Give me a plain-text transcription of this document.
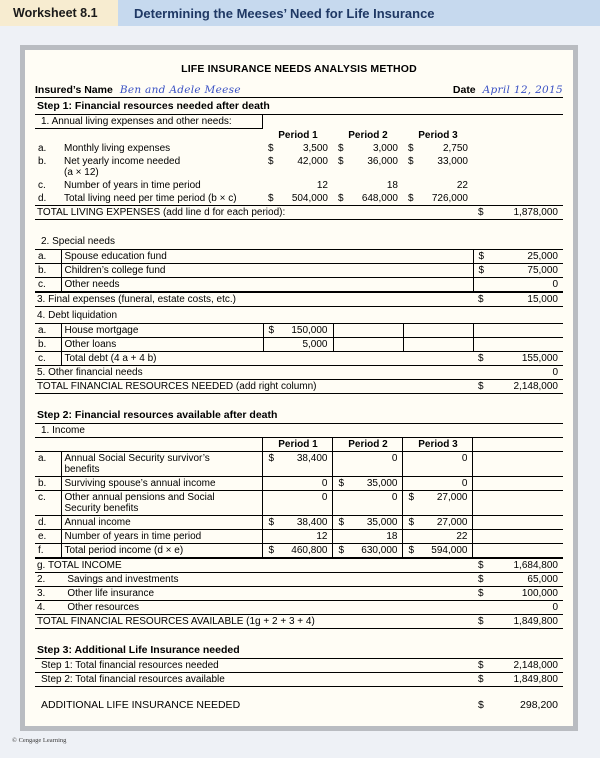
Worksheet 8.1	Determining the Meeses’ Need for Life Insurance
LIFE INSURANCE NEEDS ANALYSIS METHOD
Insured’s Name Ben and Adele Meese	Date April 12, 2015
Step 1: Financial resources needed after death
1. Annual living expenses and other needs:					
		Period 1	Period 2	Period 3	
a.	Monthly living expenses	$ 3,500	$ 3,000	$ 2,750	
b.	Net yearly income needed
(a × 12)	$ 42,000	$ 36,000	$ 33,000	
c.	Number of years in time period	12	18	22	
d.	Total living need per time period (b × c)	$ 504,000	$ 648,000	$ 726,000	
TOTAL LIVING EXPENSES (add line d for each period):	$	1,878,000
2. Special needs
a.	Spouse education fund	$ 25,000
b.	Children’s college fund	$ 75,000
c.	Other needs	0
3. Final expenses (funeral, estate costs, etc.)	$	15,000
4. Debt liquidation
a.	House mortgage	$ 150,000			
b.	Other loans	5,000			
c.	Total debt (4 a + 4 b)				$ 155,000
5. Other financial needs	0
TOTAL FINANCIAL RESOURCES NEEDED (add right column)	$	2,148,000
Step 2: Financial resources available after death
1. Income					
		Period 1	Period 2	Period 3	
a.	Annual Social Security survivor’s
benefits	$ 38,400	0	0	
b.	Surviving spouse’s annual income	0	$ 35,000	0	
c.	Other annual pensions and Social
Security benefits	0	0	$ 27,000	
d.	Annual income	$ 38,400	$ 35,000	$ 27,000	
e.	Number of years in time period	12	18	22	
f.	Total period income (d × e)	$ 460,800	$ 630,000	$ 594,000	
g. TOTAL INCOME	$	1,684,800
2. Savings and investments	$	65,000
3. Other life insurance	$	100,000
4. Other resources	0
TOTAL FINANCIAL RESOURCES AVAILABLE (1g + 2 + 3 + 4)	$	1,849,800
Step 3: Additional Life Insurance needed
Step 1: Total financial resources needed	$	2,148,000
Step 2: Total financial resources available	$	1,849,800
ADDITIONAL LIFE INSURANCE NEEDED	$	298,200
© Cengage Learning
